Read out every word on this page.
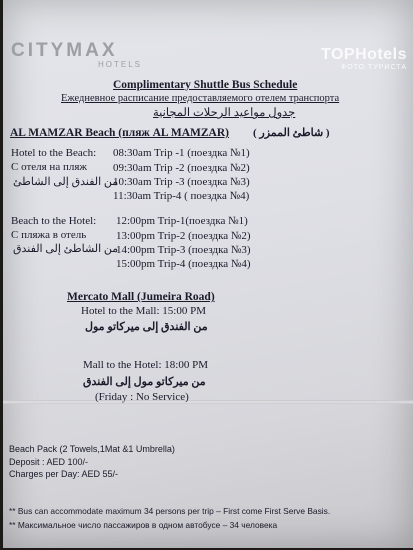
CITYMAX
HOTELS
TOPHotels
ФОТО ТУРИСТА
Complimentary Shuttle Bus Schedule
Ежедневное расписание предоставляемого отелем транспорта
جدول مواعيد الرحلات المجانية
AL MAMZAR Beach (пляж AL MAMZAR) ( شاطئ الممزر )
Hotel to the Beach:
С отеля на пляж
من الفندق إلى الشاطئ
08:30am Trip -1 (поездка №1)
09:30am Trip -2 (поездка №2)
10:30am Trip -3 (поездка №3)
11:30am Trip-4 ( поездка №4)
Beach to the Hotel:
С пляжа в отель
من الشاطئ إلى الفندق
12:00pm Trip-1(поездка №1)
13:00pm Trip-2 (поездка №2)
14:00pm Trip-3 (поездка №3)
15:00pm Trip-4 (поездка №4)
Mercato Mall (Jumeira Road)
Hotel to the Mall: 15:00 PM
من الفندق إلى ميركاتو مول
Mall to the Hotel: 18:00 PM
من ميركاتو مول إلى الفندق
(Friday : No Service)
Beach Pack (2 Towels,1Mat &1 Umbrella)
Deposit : AED 100/-
Charges per Day: AED 55/-
** Bus can accommodate maximum 34 persons per trip – First come First Serve Basis.
** Максимальное число пассажиров в одном автобусе – 34 человека
